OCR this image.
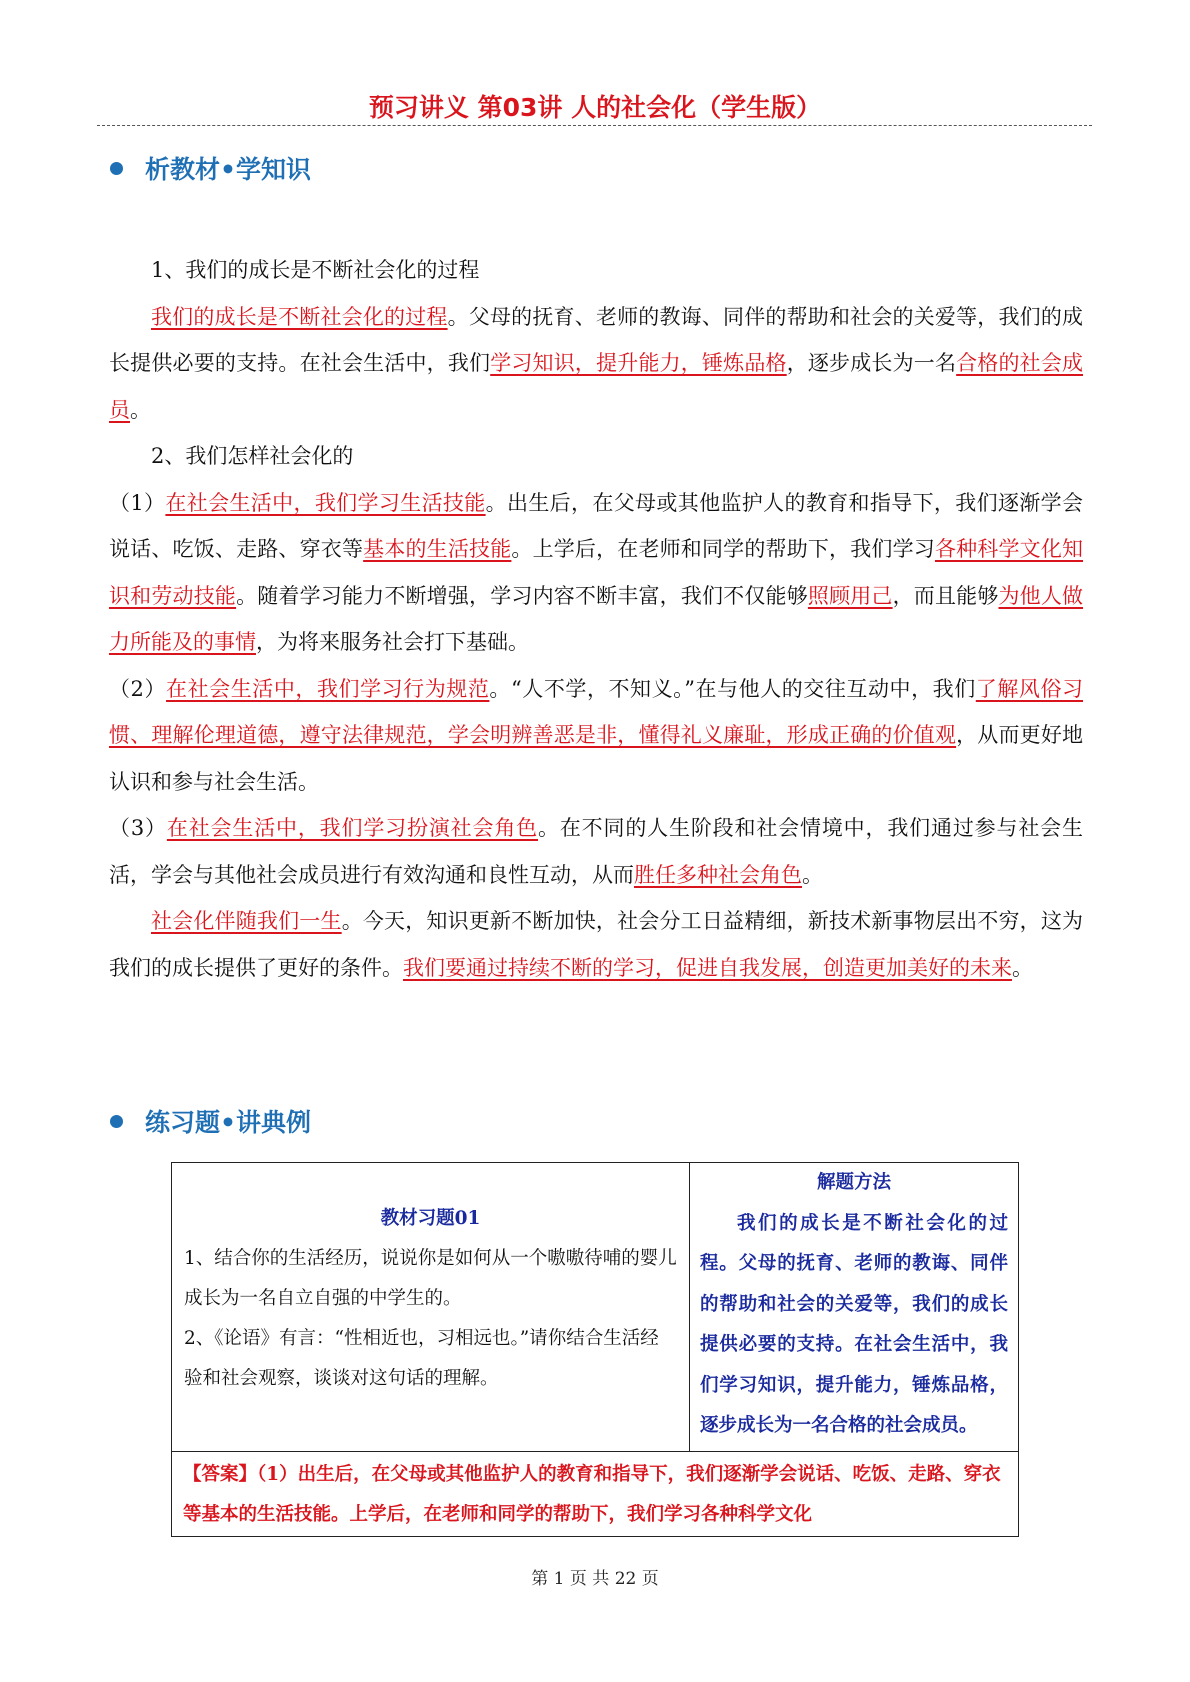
预习讲义 第03讲 人的社会化（学生版）
析教材•学知识

1、我们的成长是不断社会化的过程

我们的成长是不断社会化的过程。父母的抚育、老师的教诲、同伴的帮助和社会的关爱等，我们的成长提供必要的支持。在社会生活中，我们学习知识，提升能力，锤炼品格，逐步成长为一名合格的社会成员。

2、我们怎样社会化的

（1）在社会生活中，我们学习生活技能。出生后，在父母或其他监护人的教育和指导下，我们逐渐学会说话、吃饭、走路、穿衣等基本的生活技能。上学后，在老师和同学的帮助下，我们学习各种科学文化知识和劳动技能。随着学习能力不断增强，学习内容不断丰富，我们不仅能够照顾用己，而且能够为他人做力所能及的事情，为将来服务社会打下基础。

（2）在社会生活中，我们学习行为规范。“人不学，不知义。”在与他人的交往互动中，我们了解风俗习惯、理解伦理道德，遵守法律规范，学会明辨善恶是非，懂得礼义廉耻，形成正确的价值观，从而更好地认识和参与社会生活。

（3）在社会生活中，我们学习扮演社会角色。在不同的人生阶段和社会情境中，我们通过参与社会生活，学会与其他社会成员进行有效沟通和良性互动，从而胜任多种社会角色。

社会化伴随我们一生。今天，知识更新不断加快，社会分工日益精细，新技术新事物层出不穷，这为我们的成长提供了更好的条件。我们要通过持续不断的学习，促进自我发展，创造更加美好的未来。

练习题•讲典例
教材习题01
1、结合你的生活经历，说说你是如何从一个嗷嗷待哺的婴儿成长为一名自立自强的中学生的。
2、《论语》有言：“性相近也，习相远也。”请你结合生活经验和社会观察，谈谈对这句话的理解。

解题方法
我们的成长是不断社会化的过程。父母的抚育、老师的教诲、同伴的帮助和社会的关爱等，我们的成长提供必要的支持。在社会生活中，我们学习知识，提升能力，锤炼品格，逐步成长为一名合格的社会成员。

【答案】（1）出生后，在父母或其他监护人的教育和指导下，我们逐渐学会说话、吃饭、走路、穿衣等基本的生活技能。上学后，在老师和同学的帮助下，我们学习各种科学文化
第 1 页 共 22 页
